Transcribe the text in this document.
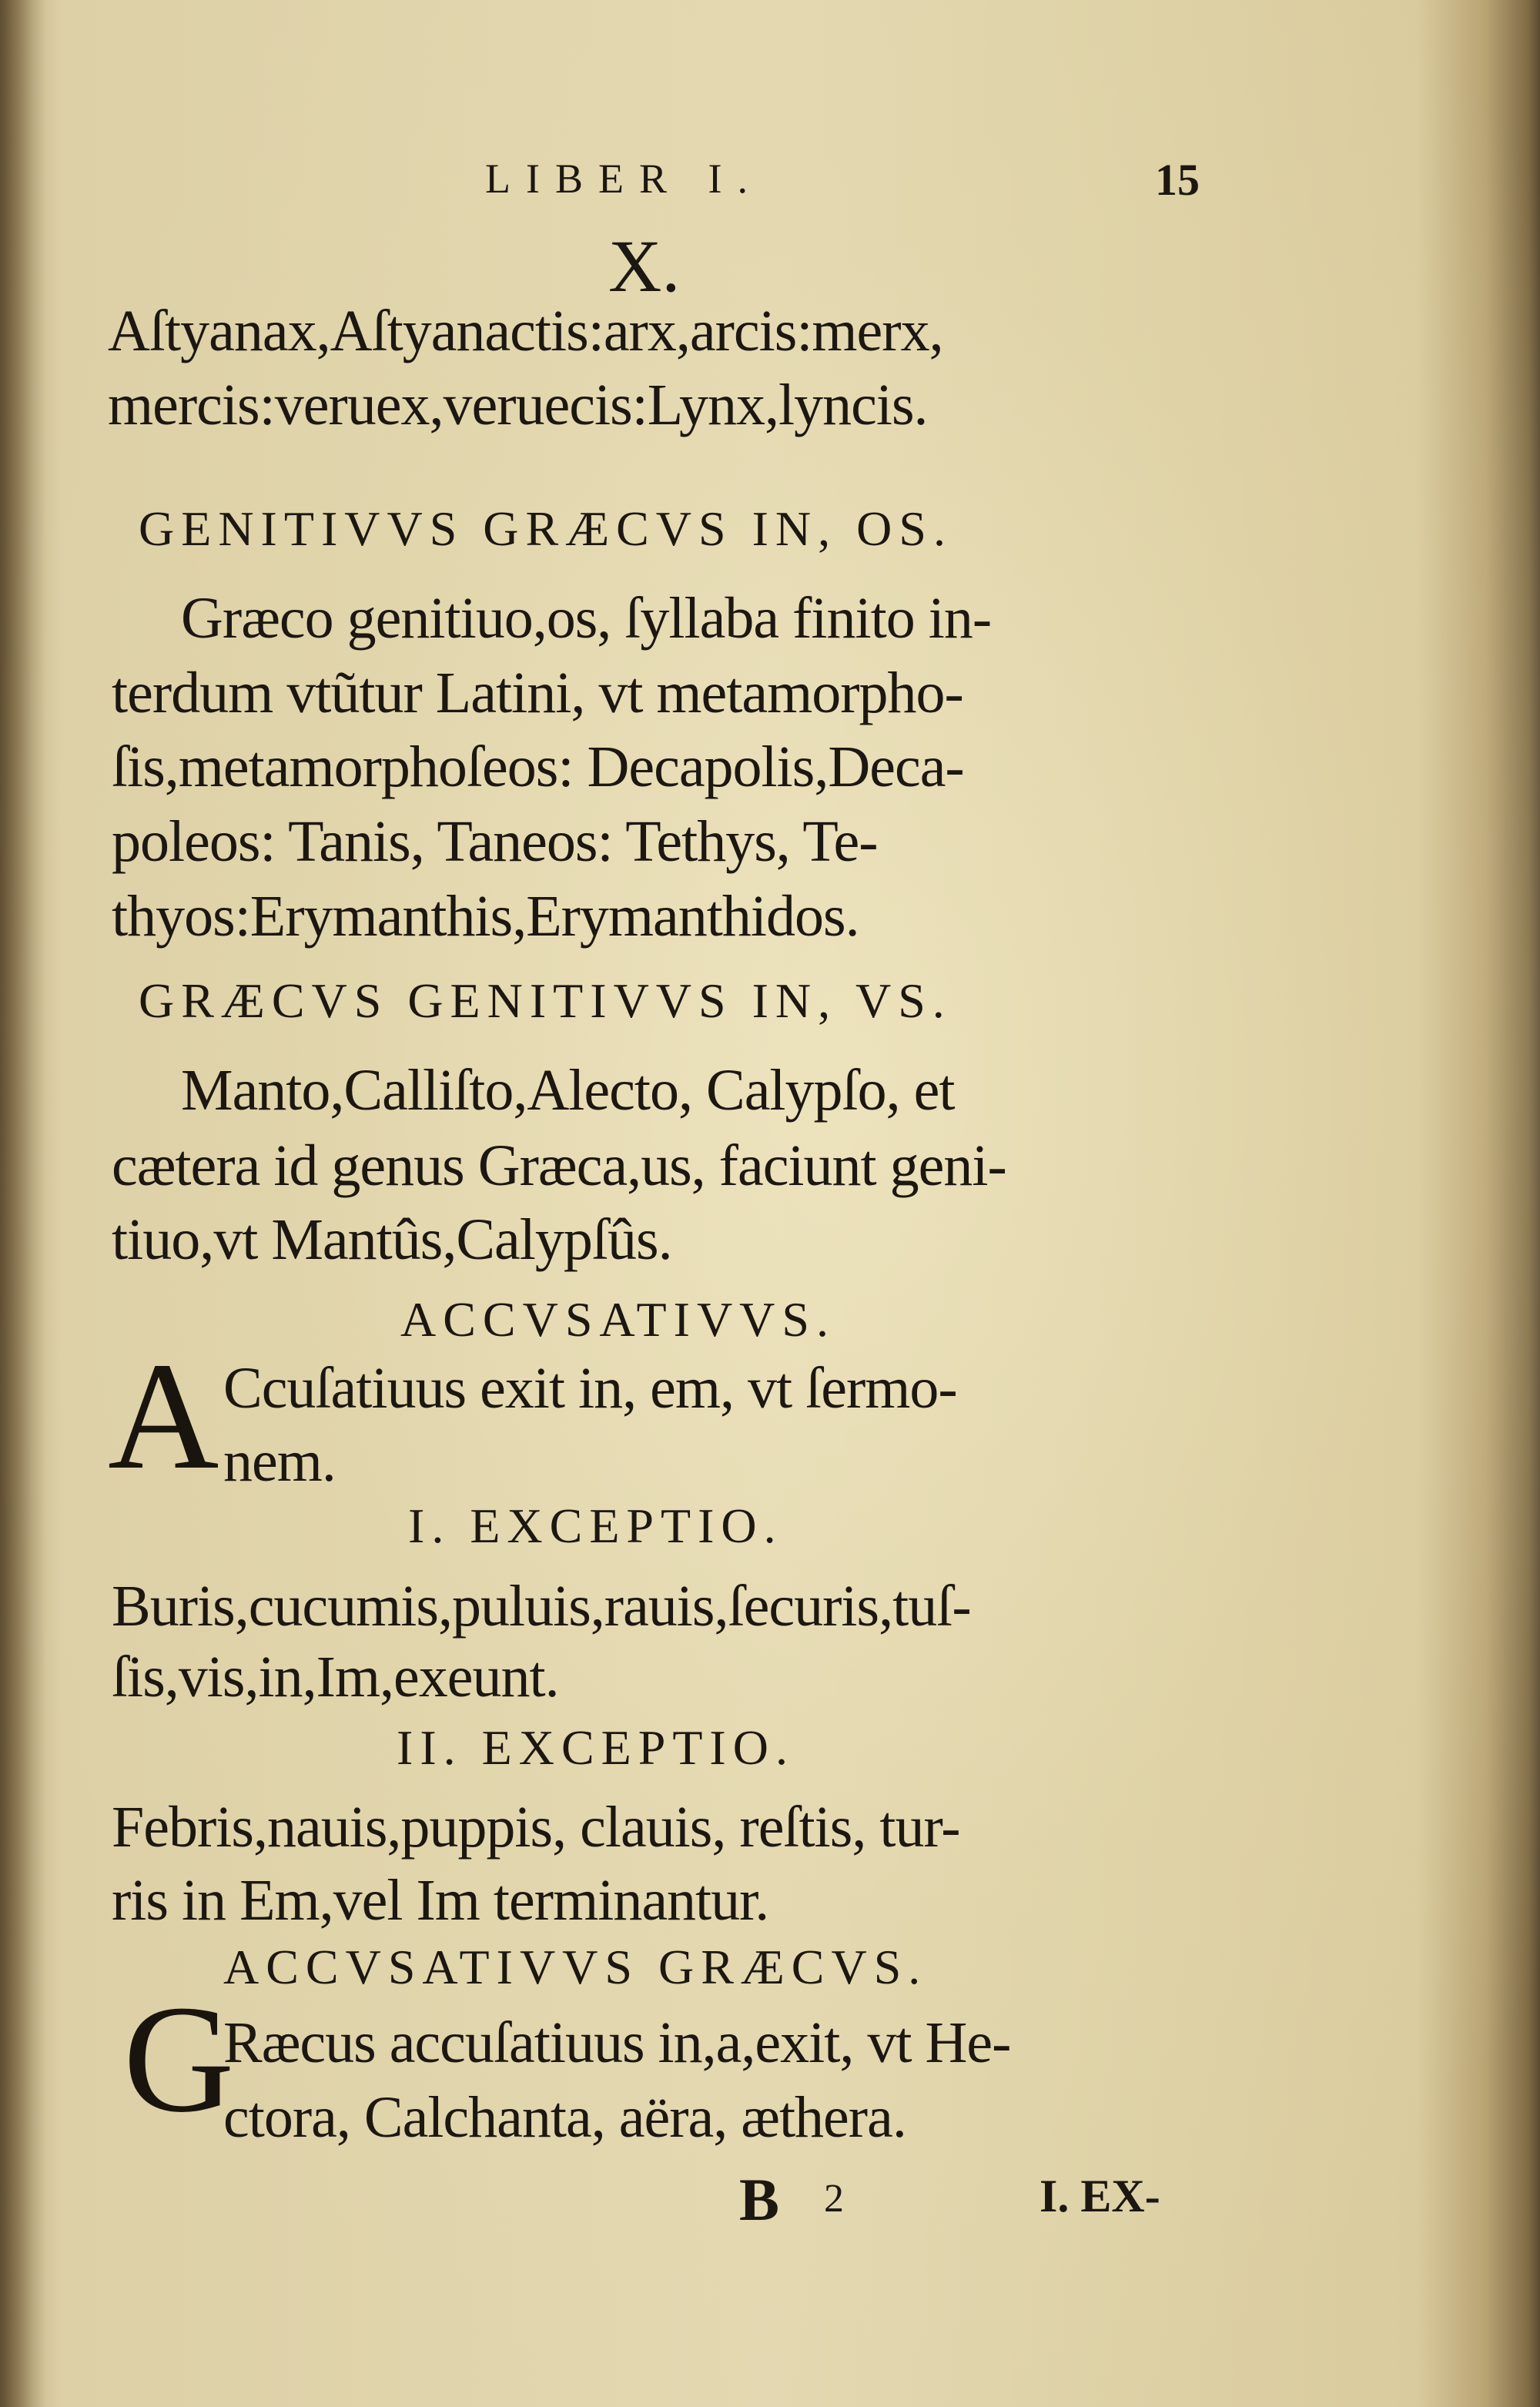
LIBER I.	15
X.
Aſtyanax,Aſtyanactis:arx,arcis:merx,
mercis:veruex,veruecis:Lynx,lyncis.
GENITIVVS GRÆCVS IN, OS.
Græco genitiuo,os, ſyllaba finito in-
terdum vtũtur Latini, vt metamorpho-
ſis,metamorphoſeos: Decapolis,Deca-
poleos: Tanis, Taneos: Tethys, Te-
thyos:Erymanthis,Erymanthidos.
GRÆCVS GENITIVVS IN, VS.
Manto,Calliſto,Alecto, Calypſo, et
cætera id genus Græca,us, faciunt geni-
tiuo,vt Mantûs,Calypſûs.
ACCVSATIVVS.
A Ccuſatiuus exit in, em, vt ſermo-
nem.
I. EXCEPTIO.
Buris,cucumis,puluis,rauis,ſecuris,tuſ-
ſis,vis,in,Im,exeunt.
II. EXCEPTIO.
Febris,nauis,puppis, clauis, reſtis, tur-
ris in Em,vel Im terminantur.
ACCVSATIVVS GRÆCVS.
G
Ræcus accuſatiuus in,a,exit, vt He-
ctora, Calchanta, aëra, æthera.
B 2	I. EX-
